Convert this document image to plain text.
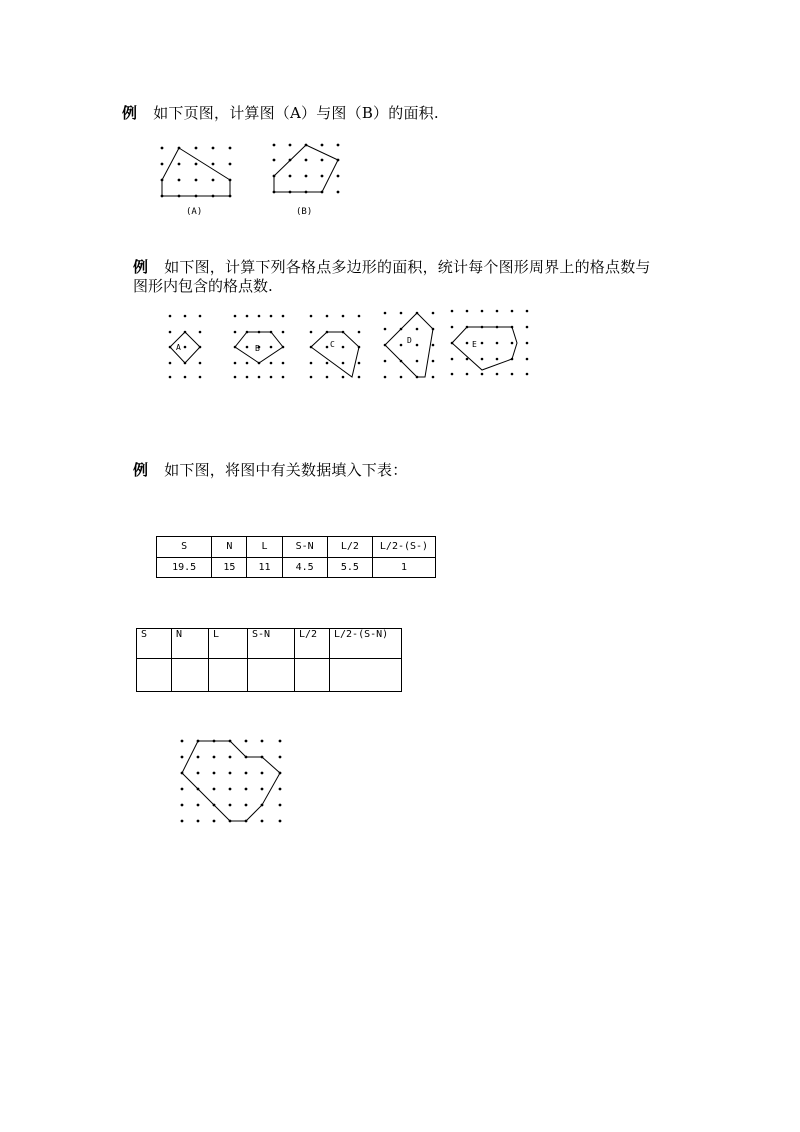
例 如下页图，计算图（A）与图（B）的面积.
(A)	(B)
例 如下图，计算下列各格点多边形的面积，统计每个图形周界上的格点数与
图形内包含的格点数.
A	B	C	D	E
例 如下图，将图中有关数据填入下表：
S	N	L	S-N	L/2	L/2-(S-)
19.5	15	11	4.5	5.5	1
S	N	L	S-N	L/2	L/2-(S-N)
